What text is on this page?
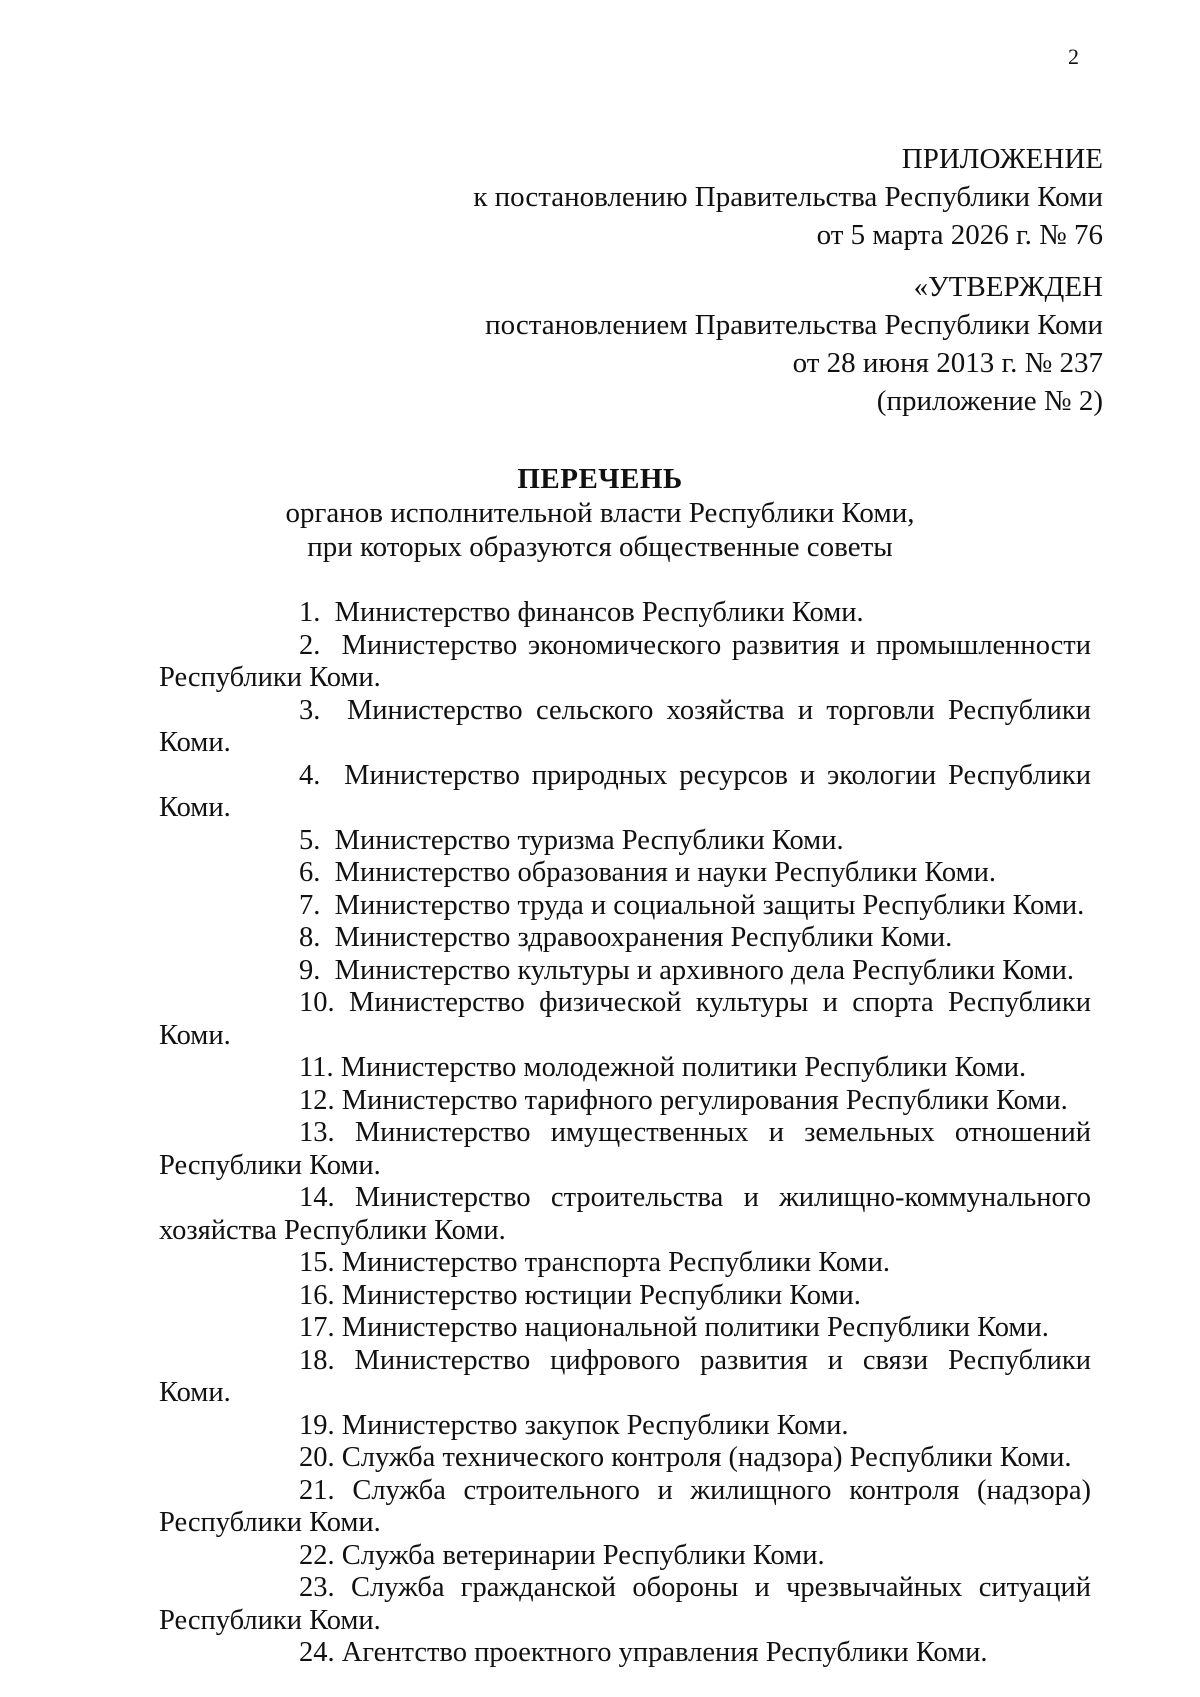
2
ПРИЛОЖЕНИЕ
к постановлению Правительства Республики Коми
от 5 марта 2026 г. № 76
«УТВЕРЖДЕН
постановлением Правительства Республики Коми
от 28 июня 2013 г. № 237
(приложение № 2)
ПЕРЕЧЕНЬ
органов исполнительной власти Республики Коми,
при которых образуются общественные советы
1. Министерство финансов Республики Коми.
2. Министерство экономического развития и промышленности Республики Коми.
3. Министерство сельского хозяйства и торговли Республики Коми.
4. Министерство природных ресурсов и экологии Республики Коми.
5. Министерство туризма Республики Коми.
6. Министерство образования и науки Республики Коми.
7. Министерство труда и социальной защиты Республики Коми.
8. Министерство здравоохранения Республики Коми.
9. Министерство культуры и архивного дела Республики Коми.
10. Министерство физической культуры и спорта Республики Коми.
11. Министерство молодежной политики Республики Коми.
12. Министерство тарифного регулирования Республики Коми.
13. Министерство имущественных и земельных отношений Республики Коми.
14. Министерство строительства и жилищно-коммунального хозяйства Республики Коми.
15. Министерство транспорта Республики Коми.
16. Министерство юстиции Республики Коми.
17. Министерство национальной политики Республики Коми.
18. Министерство цифрового развития и связи Республики Коми.
19. Министерство закупок Республики Коми.
20. Служба технического контроля (надзора) Республики Коми.
21. Служба строительного и жилищного контроля (надзора) Республики Коми.
22. Служба ветеринарии Республики Коми.
23. Служба гражданской обороны и чрезвычайных ситуаций Республики Коми.
24. Агентство проектного управления Республики Коми.
